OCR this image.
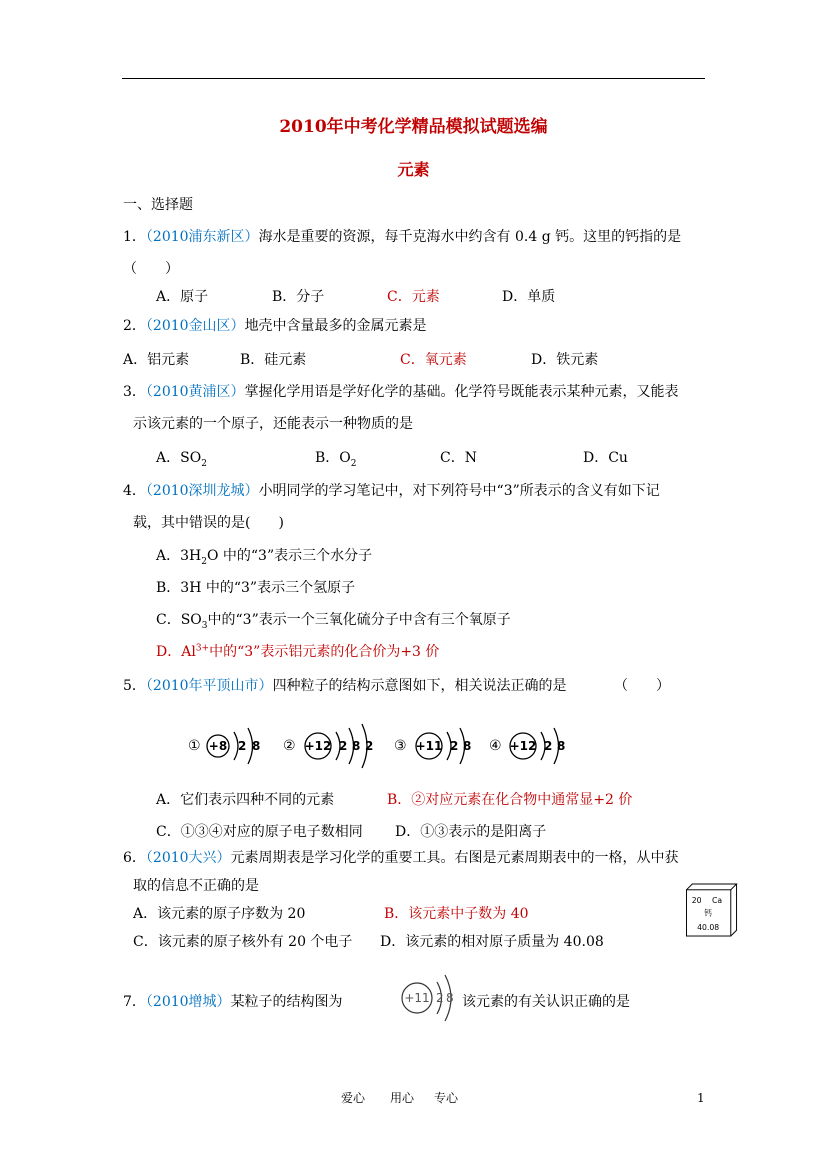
2010年中考化学精品模拟试题选编
元素
一、选择题
1．（2010浦东新区）海水是重要的资源，每千克海水中约含有 0.4 g 钙。这里的钙指的是
（　　）
A．原子	B．分子	C．元素	D．单质
2．（2010金山区）地壳中含量最多的金属元素是
A．铝元素	B．硅元素	C．氧元素	D．铁元素
3．（2010黄浦区）掌握化学用语是学好化学的基础。化学符号既能表示某种元素，又能表
示该元素的一个原子，还能表示一种物质的是
A．$SO_2$	B．$O_2$	C．N	D．Cu
4．（2010深圳龙城）小明同学的学习笔记中，对下列符号中“3”所表示的含义有如下记
载，其中错误的是(　　)
A．$3H_2O$ 中的“3”表示三个水分子
B．3H 中的“3”表示三个氢原子
C．$SO_3$中的“3”表示一个三氧化硫分子中含有三个氧原子
D．$Al^{3+}$中的“3”表示铝元素的化合价为+3 价
5．（2010年平顶山市）四种粒子的结构示意图如下，相关说法正确的是	（　　）
① +8 2 8 ② +12 2 8 2 ③ +11 2 8 ④ +12 2 8
A．它们表示四种不同的元素	B．②对应元素在化合物中通常显+2 价
C．①③④对应的原子电子数相同 D．①③表示的是阳离子
6．（2010大兴）元素周期表是学习化学的重要工具。右图是元素周期表中的一格，从中获
取的信息不正确的是
A．该元素的原子序数为 20	B．该元素中子数为 40
C．该元素的原子核外有 20 个电子 D．该元素的相对原子质量为 40.08
20 Ca
钙
40.08
7．（2010增城）某粒子的结构图为	+11 2 8 该元素的有关认识正确的是
爱心 用心 专心	1
